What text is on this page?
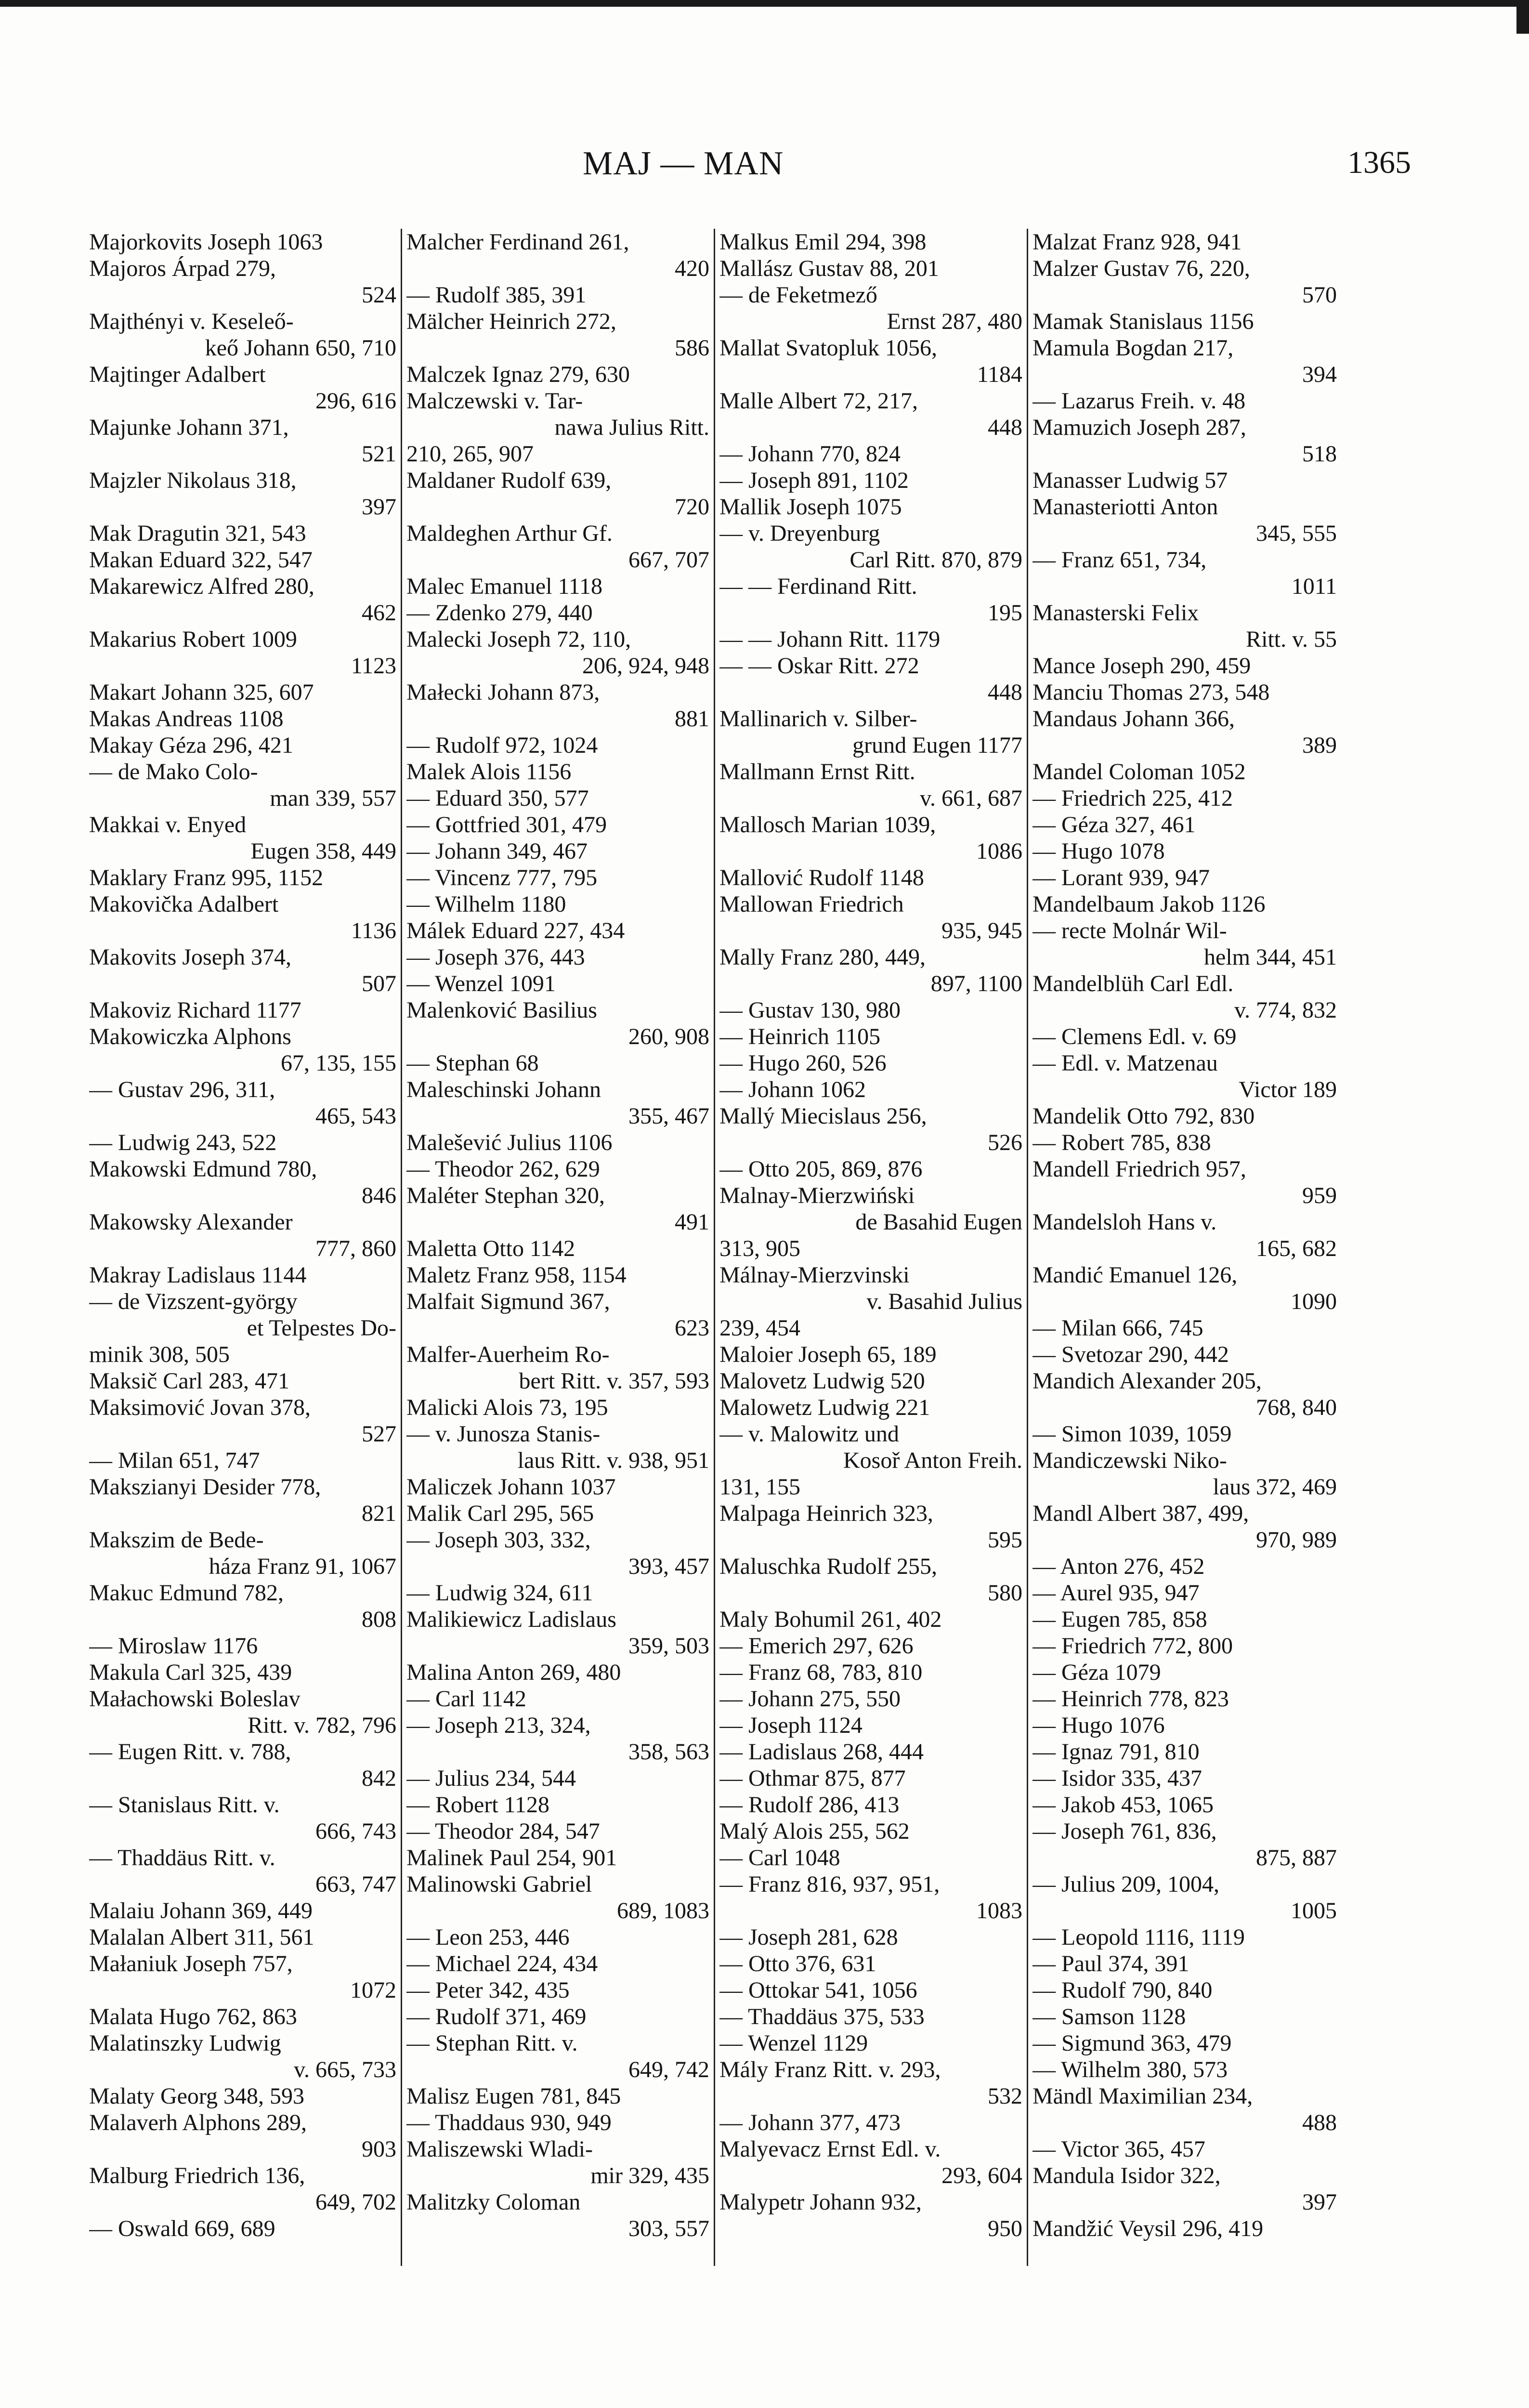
MAJ — MAN	1365
Majorkovits Joseph 1063
Majoros Árpad 279,
524
Majthényi v. Keseleő-
keő Johann 650, 710
Majtinger Adalbert
296, 616
Majunke Johann 371,
521
Majzler Nikolaus 318,
397
Mak Dragutin 321, 543
Makan Eduard 322, 547
Makarewicz Alfred 280,
462
Makarius Robert 1009
1123
Makart Johann 325, 607
Makas Andreas 1108
Makay Géza 296, 421
— de Mako Colo-
man 339, 557
Makkai v. Enyed
Eugen 358, 449
Maklary Franz 995, 1152
Makovička Adalbert
1136
Makovits Joseph 374,
507
Makoviz Richard 1177
Makowiczka Alphons
67, 135, 155
— Gustav 296, 311,
465, 543
— Ludwig 243, 522
Makowski Edmund 780,
846
Makowsky Alexander
777, 860
Makray Ladislaus 1144
— de Vizszent-györgy
et Telpestes Do-
minik 308, 505
Maksič Carl 283, 471
Maksimović Jovan 378,
527
— Milan 651, 747
Makszianyi Desider 778,
821
Makszim de Bede-
háza Franz 91, 1067
Makuc Edmund 782,
808
— Miroslaw 1176
Makula Carl 325, 439
Małachowski Boleslav
Ritt. v. 782, 796
— Eugen Ritt. v. 788,
842
— Stanislaus Ritt. v.
666, 743
— Thaddäus Ritt. v.
663, 747
Malaiu Johann 369, 449
Malalan Albert 311, 561
Małaniuk Joseph 757,
1072
Malata Hugo 762, 863
Malatinszky Ludwig
v. 665, 733
Malaty Georg 348, 593
Malaverh Alphons 289,
903
Malburg Friedrich 136,
649, 702
— Oswald 669, 689
Malcher Ferdinand 261,
420
— Rudolf 385, 391
Mälcher Heinrich 272,
586
Malczek Ignaz 279, 630
Malczewski v. Tar-
nawa Julius Ritt.
210, 265, 907
Maldaner Rudolf 639,
720
Maldeghen Arthur Gf.
667, 707
Malec Emanuel 1118
— Zdenko 279, 440
Malecki Joseph 72, 110,
206, 924, 948
Małecki Johann 873,
881
— Rudolf 972, 1024
Malek Alois 1156
— Eduard 350, 577
— Gottfried 301, 479
— Johann 349, 467
— Vincenz 777, 795
— Wilhelm 1180
Málek Eduard 227, 434
— Joseph 376, 443
— Wenzel 1091
Malenković Basilius
260, 908
— Stephan 68
Maleschinski Johann
355, 467
Malešević Julius 1106
— Theodor 262, 629
Maléter Stephan 320,
491
Maletta Otto 1142
Maletz Franz 958, 1154
Malfait Sigmund 367,
623
Malfer-Auerheim Ro-
bert Ritt. v. 357, 593
Malicki Alois 73, 195
— v. Junosza Stanis-
laus Ritt. v. 938, 951
Maliczek Johann 1037
Malik Carl 295, 565
— Joseph 303, 332,
393, 457
— Ludwig 324, 611
Malikiewicz Ladislaus
359, 503
Malina Anton 269, 480
— Carl 1142
— Joseph 213, 324,
358, 563
— Julius 234, 544
— Robert 1128
— Theodor 284, 547
Malinek Paul 254, 901
Malinowski Gabriel
689, 1083
— Leon 253, 446
— Michael 224, 434
— Peter 342, 435
— Rudolf 371, 469
— Stephan Ritt. v.
649, 742
Malisz Eugen 781, 845
— Thaddaus 930, 949
Maliszewski Wladi-
mir 329, 435
Malitzky Coloman
303, 557
Malkus Emil 294, 398
Mallász Gustav 88, 201
— de Feketmező
Ernst 287, 480
Mallat Svatopluk 1056,
1184
Malle Albert 72, 217,
448
— Johann 770, 824
— Joseph 891, 1102
Mallik Joseph 1075
— v. Dreyenburg
Carl Ritt. 870, 879
— — Ferdinand Ritt.
195
— — Johann Ritt. 1179
— — Oskar Ritt. 272
448
Mallinarich v. Silber-
grund Eugen 1177
Mallmann Ernst Ritt.
v. 661, 687
Mallosch Marian 1039,
1086
Mallović Rudolf 1148
Mallowan Friedrich
935, 945
Mally Franz 280, 449,
897, 1100
— Gustav 130, 980
— Heinrich 1105
— Hugo 260, 526
— Johann 1062
Mallý Miecislaus 256,
526
— Otto 205, 869, 876
Malnay-Mierzwiński
de Basahid Eugen
313, 905
Málnay-Mierzvinski
v. Basahid Julius
239, 454
Maloier Joseph 65, 189
Malovetz Ludwig 520
Malowetz Ludwig 221
— v. Malowitz und
Kosoř Anton Freih.
131, 155
Malpaga Heinrich 323,
595
Maluschka Rudolf 255,
580
Maly Bohumil 261, 402
— Emerich 297, 626
— Franz 68, 783, 810
— Johann 275, 550
— Joseph 1124
— Ladislaus 268, 444
— Othmar 875, 877
— Rudolf 286, 413
Malý Alois 255, 562
— Carl 1048
— Franz 816, 937, 951,
1083
— Joseph 281, 628
— Otto 376, 631
— Ottokar 541, 1056
— Thaddäus 375, 533
— Wenzel 1129
Mály Franz Ritt. v. 293,
532
— Johann 377, 473
Malyevacz Ernst Edl. v.
293, 604
Malypetr Johann 932,
950
Malzat Franz 928, 941
Malzer Gustav 76, 220,
570
Mamak Stanislaus 1156
Mamula Bogdan 217,
394
— Lazarus Freih. v. 48
Mamuzich Joseph 287,
518
Manasser Ludwig 57
Manasteriotti Anton
345, 555
— Franz 651, 734,
1011
Manasterski Felix
Ritt. v. 55
Mance Joseph 290, 459
Manciu Thomas 273, 548
Mandaus Johann 366,
389
Mandel Coloman 1052
— Friedrich 225, 412
— Géza 327, 461
— Hugo 1078
— Lorant 939, 947
Mandelbaum Jakob 1126
— recte Molnár Wil-
helm 344, 451
Mandelblüh Carl Edl.
v. 774, 832
— Clemens Edl. v. 69
— Edl. v. Matzenau
Victor 189
Mandelik Otto 792, 830
— Robert 785, 838
Mandell Friedrich 957,
959
Mandelsloh Hans v.
165, 682
Mandić Emanuel 126,
1090
— Milan 666, 745
— Svetozar 290, 442
Mandich Alexander 205,
768, 840
— Simon 1039, 1059
Mandiczewski Niko-
laus 372, 469
Mandl Albert 387, 499,
970, 989
— Anton 276, 452
— Aurel 935, 947
— Eugen 785, 858
— Friedrich 772, 800
— Géza 1079
— Heinrich 778, 823
— Hugo 1076
— Ignaz 791, 810
— Isidor 335, 437
— Jakob 453, 1065
— Joseph 761, 836,
875, 887
— Julius 209, 1004,
1005
— Leopold 1116, 1119
— Paul 374, 391
— Rudolf 790, 840
— Samson 1128
— Sigmund 363, 479
— Wilhelm 380, 573
Mändl Maximilian 234,
488
— Victor 365, 457
Mandula Isidor 322,
397
Mandžić Veysil 296, 419
